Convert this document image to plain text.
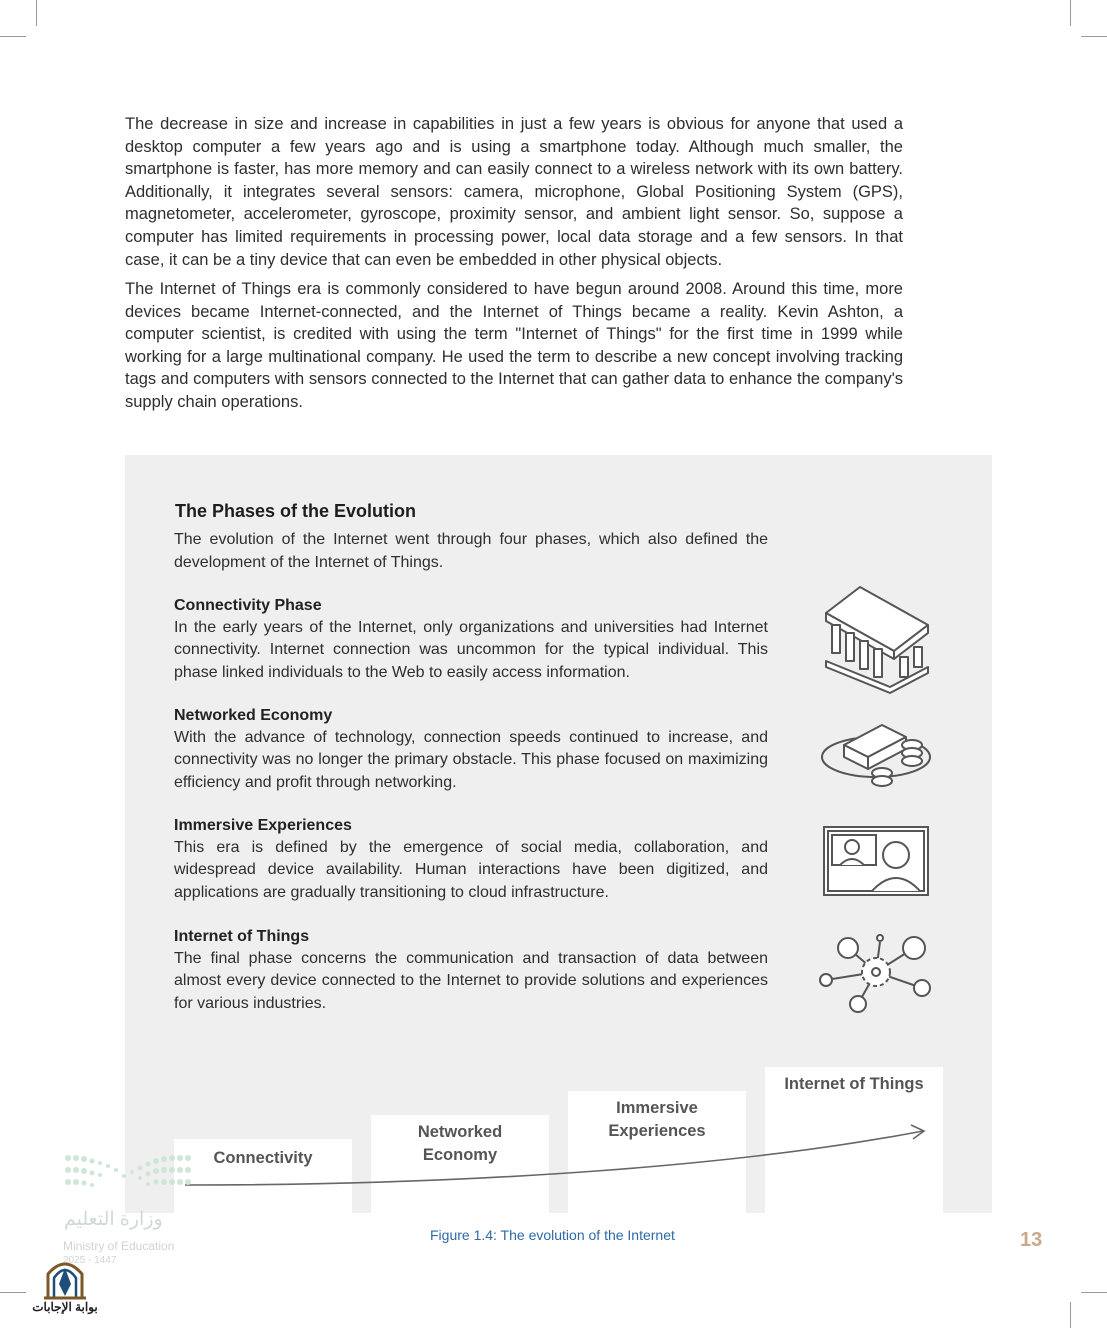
The decrease in size and increase in capabilities in just a few years is obvious for anyone that used a desktop computer a few years ago and is using a smartphone today. Although much smaller, the smartphone is faster, has more memory and can easily connect to a wireless network with its own battery. Additionally, it integrates several sensors: camera, microphone, Global Positioning System (GPS), magnetometer, accelerometer, gyroscope, proximity sensor, and ambient light sensor. So, suppose a computer has limited requirements in processing power, local data storage and a few sensors. In that case, it can be a tiny device that can even be embedded in other physical objects.

The Internet of Things era is commonly considered to have begun around 2008. Around this time, more devices became Internet-connected, and the Internet of Things became a reality. Kevin Ashton, a computer scientist, is credited with using the term "Internet of Things" for the first time in 1999 while working for a large multinational company. He used the term to describe a new concept involving tracking tags and computers with sensors connected to the Internet that can gather data to enhance the company's supply chain operations.

The Phases of the Evolution

The evolution of the Internet went through four phases, which also defined the development of the Internet of Things.

Connectivity Phase

In the early years of the Internet, only organizations and universities had Internet connectivity. Internet connection was uncommon for the typical individual. This phase linked individuals to the Web to easily access information.

Networked Economy

With the advance of technology, connection speeds continued to increase, and connectivity was no longer the primary obstacle. This phase focused on maximizing efficiency and profit through networking.

Immersive Experiences

This era is defined by the emergence of social media, collaboration, and widespread device availability. Human interactions have been digitized, and applications are gradually transitioning to cloud infrastructure.

Internet of Things

The final phase concerns the communication and transaction of data between almost every device connected to the Internet to provide solutions and experiences for various industries.

Connectivity
Networked
Economy
Immersive
Experiences
Internet of Things
وزارة التعليم
Ministry of Education
2025 - 1447
Figure 1.4: The evolution of the Internet	13
بوابة الإجابات
